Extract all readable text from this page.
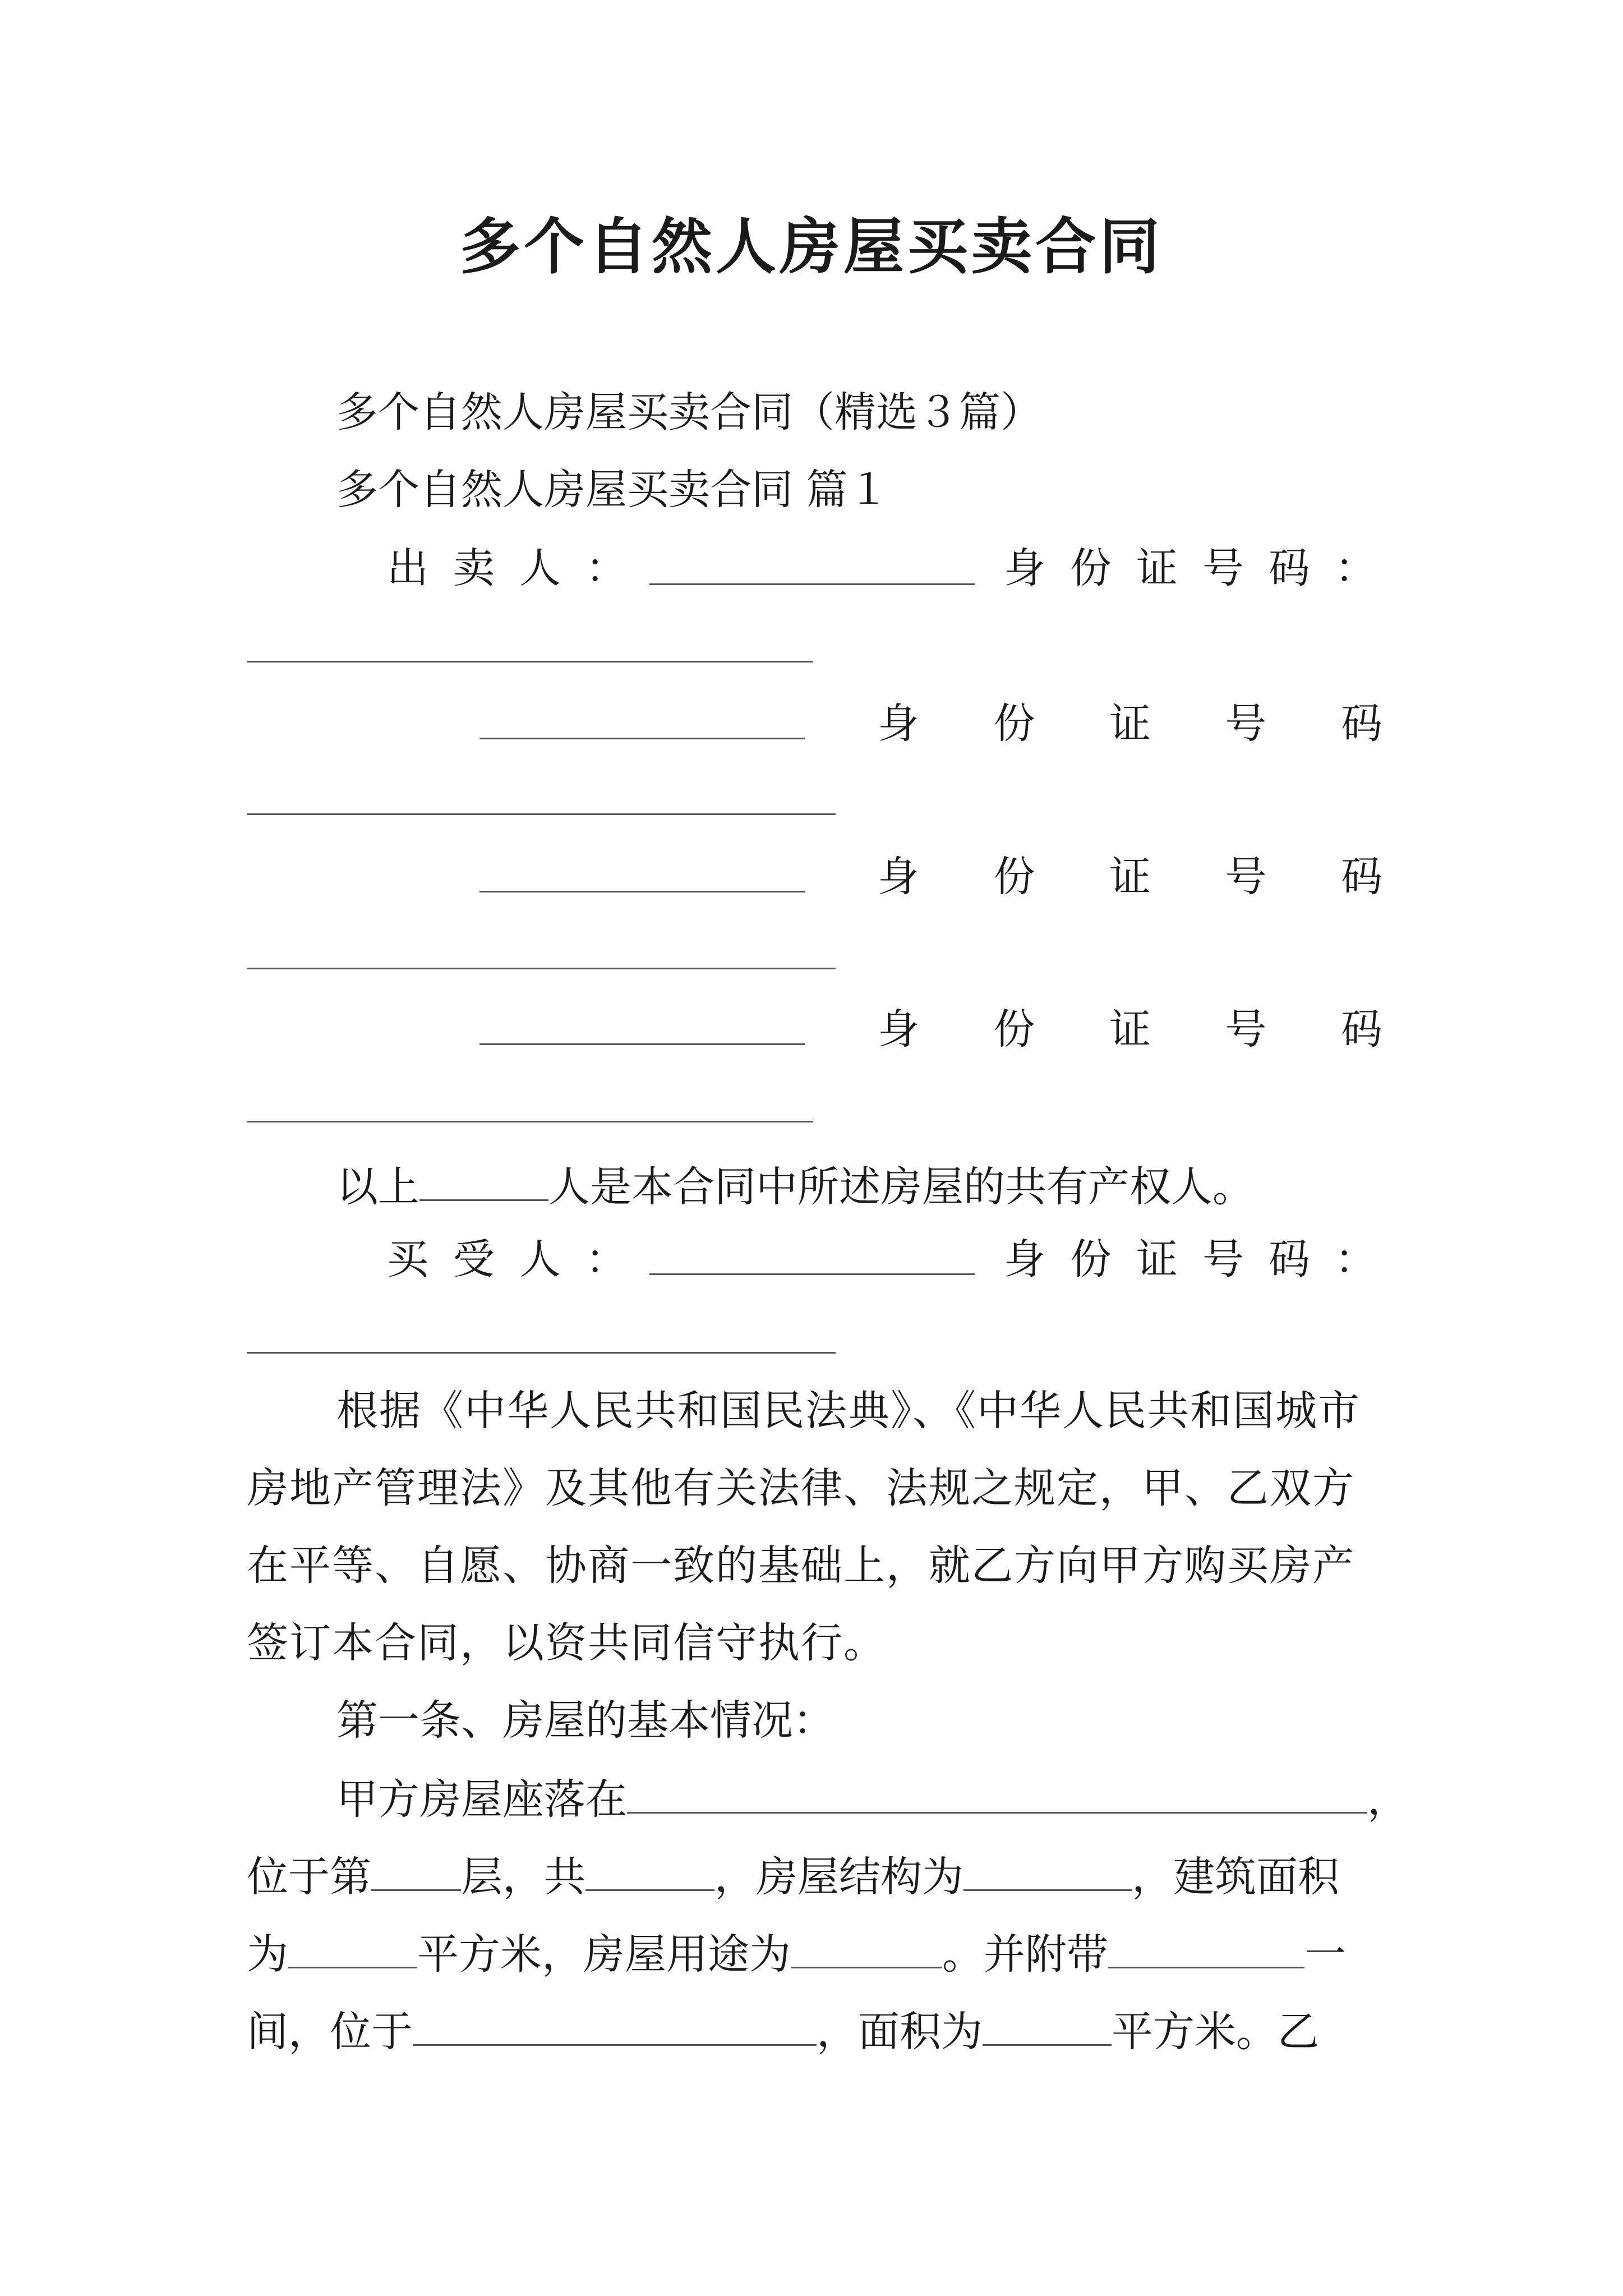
多个自然人房屋买卖合同
多个自然人房屋买卖合同（精选３篇）
多个自然人房屋买卖合同 篇１
出卖人：	身份证号码：
身 份 证 号 码
身 份 证 号 码
身 份 证 号 码
以上	人是本合同中所述房屋的共有产权人。
买受人：	身份证号码：
根据《中华人民共和国民法典》、《中华人民共和国城市
房地产管理法》及其他有关法律、法规之规定，甲、乙双方
在平等、自愿、协商一致的基础上，就乙方向甲方购买房产
签订本合同，以资共同信守执行。
第一条、房屋的基本情况：
甲方房屋座落在	，
位于第 层，共	，房屋结构为	，建筑面积
为	平方米，房屋用途为	。并附带	一
间，位于	，面积为	平方米。乙
